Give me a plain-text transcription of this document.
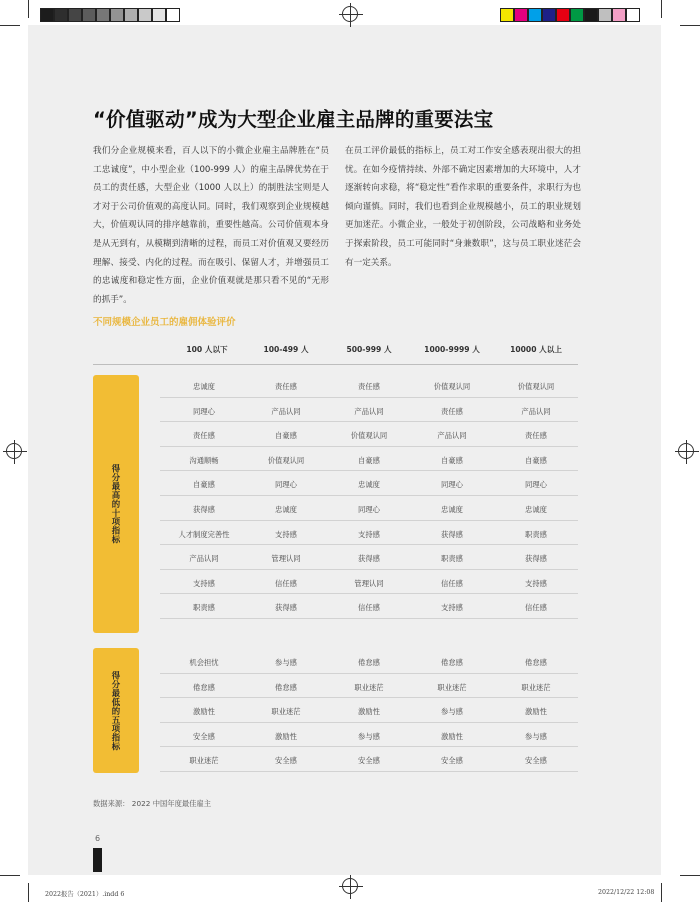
“价值驱动”成为大型企业雇主品牌的重要法宝

我们分企业规模来看，百人以下的小微企业雇主品牌胜在“员工忠诚度”，中小型企业（100-999 人）的雇主品牌优势在于员工的责任感，大型企业（1000 人以上）的制胜法宝则是人才对于公司价值观的高度认同。同时，我们观察到企业规模越大，价值观认同的排序越靠前，重要性越高。公司价值观本身是从无到有，从模糊到清晰的过程，而员工对价值观又要经历理解、接受、内化的过程。而在吸引、保留人才，并增强员工的忠诚度和稳定性方面，企业价值观就是那只看不见的“无形的抓手”。

在员工评价最低的指标上，员工对工作安全感表现出很大的担忧。在如今疫情持续、外部不确定因素增加的大环境中，人才逐渐转向求稳，将“稳定性”看作求职的重要条件，求职行为也倾向谨慎。同时，我们也看到企业规模越小，员工的职业规划更加迷茫。小微企业，一般处于初创阶段，公司战略和业务处于探索阶段，员工可能同时“身兼数职”，这与员工职业迷茫会有一定关系。

不同规模企业员工的雇佣体验评价
100 人以下	100-499 人	500-999 人	1000-9999 人	10000 人以上
得分最高的十项指标
得分最低的五项指标
忠诚度	责任感	责任感	价值观认同	价值观认同
同理心	产品认同	产品认同	责任感	产品认同
责任感	自豪感	价值观认同	产品认同	责任感
沟通顺畅	价值观认同	自豪感	自豪感	自豪感
自豪感	同理心	忠诚度	同理心	同理心
获得感	忠诚度	同理心	忠诚度	忠诚度
人才制度完善性	支持感	支持感	获得感	职责感
产品认同	管理认同	获得感	职责感	获得感
支持感	信任感	管理认同	信任感	支持感
职责感	获得感	信任感	支持感	信任感
机会担忧	参与感	倦怠感	倦怠感	倦怠感
倦怠感	倦怠感	职业迷茫	职业迷茫	职业迷茫
激励性	职业迷茫	激励性	参与感	激励性
安全感	激励性	参与感	激励性	参与感
职业迷茫	安全感	安全感	安全感	安全感
数据来源： 2022 中国年度最佳雇主
6
2022报告（2021）.indd 6	2022/12/22 12:08
